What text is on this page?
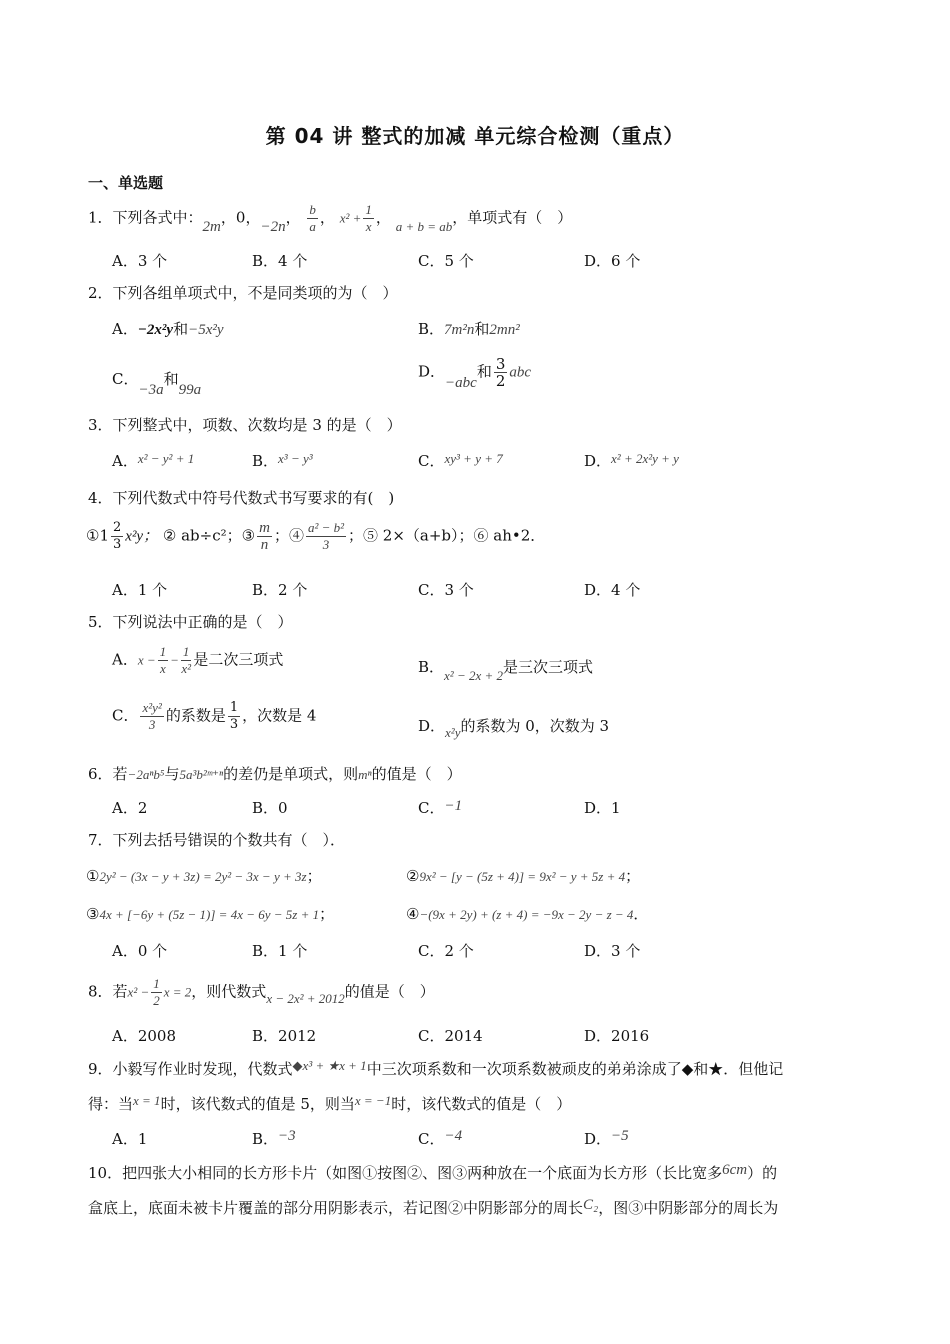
第 04 讲 整式的加减 单元综合检测（重点）
一、单选题
1．下列各式中：2m，0，−2n， $\frac{b}{a}$ ， $x^2 + \frac{1}{x}$ ， a + b = ab，单项式有（　）
A．3 个	B．4 个	C．5 个	D．6 个
2．下列各组单项式中，不是同类项的为（　）
A．−2x²y和−5x²y	B．7m²n和2mn²
C．−3a和99a
D．−abc和 $\frac{3}{2}$ abc
3．下列整式中，项数、次数均是 3 的是（　）
A．x² − y² + 1	B．x³ − y³	C．xy³ + y + 7	D．x² + 2x²y + y
4．下列代数式中符号代数式书写要求的有(　)
①1 $\frac{2}{3} x^2y$； ② ab÷c²；③ $\frac{m}{n}$ ；④ $\frac{\text{a² − b²}}{3}$ ；⑤ 2×（a+b）；⑥ ah•2．
A．1 个	B．2 个	C．3 个	D．4 个
5．下列说法中正确的是（　）
A．$x - \frac{1}{x} - \frac{1}{\text{x²}}$ 是二次三项式	B．x² − 2x + 2是三次三项式
C． $\frac{\text{x²y²}}{3}$ 的系数是 $\frac{1}{3}$ ，次数是 4
D．x²y的系数为 0，次数为 3
6．若−2aⁿb⁵与5a³b²ᵐ⁺ⁿ的差仍是单项式，则mⁿ的值是（　）
A．2	B．0	C．−1	D．1
7．下列去括号错误的个数共有（　）．
①2y² − (3x − y + 3z) = 2y² − 3x − y + 3z；	②9x² − [y − (5z + 4)] = 9x² − y + 5z + 4；
③4x + [−6y + (5z − 1)] = 4x − 6y − 5z + 1；	④−(9x + 2y) + (z + 4) = −9x − 2y − z − 4．
A．0 个	B．1 个	C．2 个	D．3 个
8．若$x^2 - \frac{1}{2}$ x = 2，则代数式x − 2x² + 2012的值是（　）
A．2008	B．2012	C．2014	D．2016
9．小毅写作业时发现，代数式◆x³ + ★x + 1中三次项系数和一次项系数被顽皮的弟弟涂成了◆和★．但他记
得：当x = 1时，该代数式的值是 5，则当x = −1时，该代数式的值是（　）
A．1	B．−3	C．−4	D．−5
10．把四张大小相同的长方形卡片（如图①按图②、图③两种放在一个底面为长方形（长比宽多6cm）的
盒底上，底面未被卡片覆盖的部分用阴影表示，若记图②中阴影部分的周长C₂，图③中阴影部分的周长为
